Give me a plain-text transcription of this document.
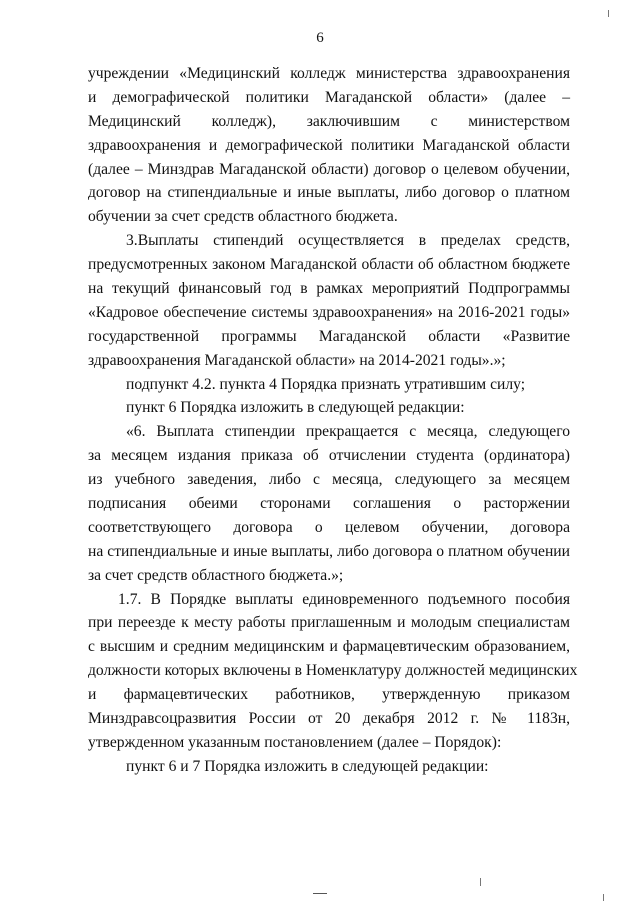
6
учреждении «Медицинский колледж министерства здравоохранения
и демографической политики Магаданской области» (далее –
Медицинский колледж), заключившим с министерством
здравоохранения и демографической политики Магаданской области
(далее – Минздрав Магаданской области) договор о целевом обучении,
договор на стипендиальные и иные выплаты, либо договор о платном
обучении за счет средств областного бюджета.
3.Выплаты стипендий осуществляется в пределах средств,
предусмотренных законом Магаданской области об областном бюджете
на текущий финансовый год в рамках мероприятий Подпрограммы
«Кадровое обеспечение системы здравоохранения» на 2016-2021 годы»
государственной программы Магаданской области «Развитие
здравоохранения Магаданской области» на 2014-2021 годы».»;
подпункт 4.2. пункта 4 Порядка признать утратившим силу;
пункт 6 Порядка изложить в следующей редакции:
«6. Выплата стипендии прекращается с месяца, следующего
за месяцем издания приказа об отчислении студента (ординатора)
из учебного заведения, либо с месяца, следующего за месяцем
подписания обеими сторонами соглашения о расторжении
соответствующего договора о целевом обучении, договора
на стипендиальные и иные выплаты, либо договора о платном обучении
за счет средств областного бюджета.»;
1.7. В Порядке выплаты единовременного подъемного пособия
при переезде к месту работы приглашенным и молодым специалистам
с высшим и средним медицинским и фармацевтическим образованием,
должности которых включены в Номенклатуру должностей медицинских
и фармацевтических работников, утвержденную приказом
Минздравсоцразвития России от 20 декабря 2012 г. № 1183н,
утвержденном указанным постановлением (далее – Порядок):
пункт 6 и 7 Порядка изложить в следующей редакции:
